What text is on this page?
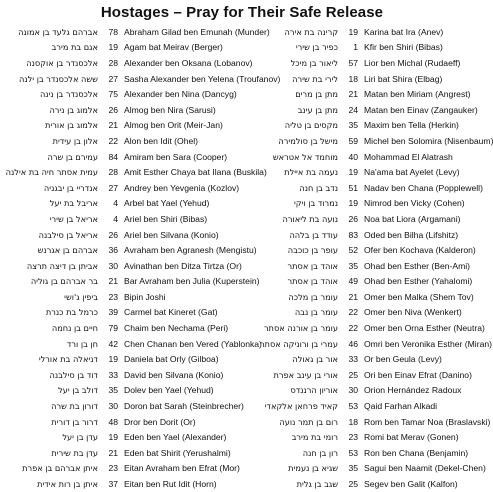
Hostages – Pray for Their Safe Release
אברהם גלעד בן אמונה	78 Abraham Gilad ben Emunah (Munder)
אגם בת מירב	19 Agam bat Meirav (Berger)
אלכסנדר בן אוקסנה	28 Alexander ben Oksana (Lobanov)
ששה אלכסנדר בן ילנה	27 Sasha Alexander ben Yelena (Troufanov)
אלכסנדר בן נינה	75 Alexander ben Nina (Dancyg)
אלמוג בן נירה	26 Almog ben Nira (Sarusi)
אלמוג בן אורית	21 Almog ben Orit (Meir-Jan)
אלון בן עידית	22 Alon ben Idit (Ohel)
עמירם בן שרה	84 Amiram ben Sara (Cooper)
עמית אסתר חיה בת אילנה	28 Amit Esther Chaya bat Ilana (Buskila)
אנדריי בן יבגניה	27 Andrey ben Yevgenia (Kozlov)
אריבל בת יעל	4 Arbel bat Yael (Yehud)
אריאל בן שירי	4 Ariel ben Shiri (Bibas)
אריאל בן סילבנה	26 Ariel ben Silvana (Konio)
אברהם בן אגרנש	36 Avraham ben Agranesh (Mengistu)
אביתן בן דיצה תרצה	30 Avinathan ben Ditza Tirtza (Or)
בר אברהם בן גוליה	21 Bar Avraham ben Julia (Kuperstein)
ביפין ג'ושי	23 Bipin Joshi
כרמל בת כנרת	39 Carmel bat Kineret (Gat)
חיים בן נחמה	79 Chaim ben Nechama (Peri)
חן בן ורד	42 Chen Chanan ben Vered (Yablonka)
דניאלה בת אורלי	19 Daniela bat Orly (Gilboa)
דוד בן סילבנה	33 David ben Silvana (Konio)
דולב בן יעל	35 Dolev ben Yael (Yehud)
דורון בת שרה	30 Doron bat Sarah (Steinbrecher)
דרור בן דורית	48 Dror ben Dorit (Or)
עדן בן יעל	19 Eden ben Yael (Alexander)
עדן בת שירית	21 Eden bat Shirit (Yerushalmi)
איתן אברהם בן אפרת	23 Eitan Avraham ben Efrat (Mor)
איתן בן רות אידית	37 Eitan ben Rut Idit (Horn)
קרינה בת אירה	19 Karina bat Ira (Anev)
כפיר בן שירי	1 Kfir ben Shiri (Bibas)
ליאור בן מיכל	57 Lior ben Michal (Rudaeff)
לירי בת שירה	18 Liri bat Shira (Elbag)
מתן בן מרים	21 Matan ben Miriam (Angrest)
מתן בן עינב	24 Matan ben Einav (Zangauker)
מקסים בן טליה	35 Maxim ben Tella (Herkin)
מישל בן סולמירה	59 Michel ben Solomira (Nisenbaum)
מוחמד אל אטראש	40 Mohammad El Alatrash
נעמה בת איילת	19 Na'ama bat Ayelet (Levy)
נדב בן חנה	51 Nadav ben Chana (Popplewell)
נמרוד בן ויקי	19 Nimrod ben Vicky (Cohen)
נועה בת ליאורה	26 Noa bat Liora (Argamani)
עודד בן בלהה	83 Oded ben Bilha (Lifshitz)
עופר בן כוכבה	52 Ofer ben Kochava (Kalderon)
אוהד בן אסתר	35 Ohad ben Esther (Ben-Ami)
אוהד בן אסתר	49 Ohad ben Esther (Yahalomi)
עומר בן מלכה	21 Omer ben Malka (Shem Tov)
עומר בן נבה	22 Omer ben Niva (Wenkert)
עומר בן אורנה אסתר	22 Omer ben Orna Esther (Neutra)
עמרי בן ורוניקה אסתר	46 Omri ben Veronika Esther (Miran)
אור בן גאולה	33 Or ben Geula (Levy)
אורי בן עינב אפרת	25 Ori ben Einav Efrat (Danino)
אוריון הרננדס	30 Orion Hernández Radoux
קאיד פרחאן אלקאדי	53 Qaid Farhan Alkadi
רום בן תמר נועה	18 Rom ben Tamar Noa (Braslavski)
רומי בת מירב	23 Romi bat Merav (Gonen)
רון בן חנה	53 Ron ben Chana (Benjamin)
שגיא בן נעמית	35 Sagui ben Naamit (Dekel-Chen)
שגב בן גלית	25 Segev ben Galit (Kalfon)
